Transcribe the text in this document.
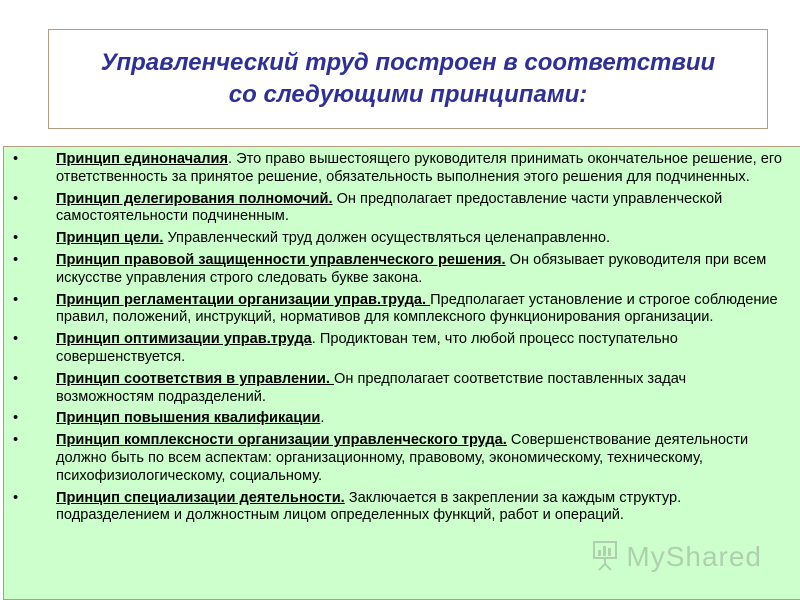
Управленческий труд построен в соответствии
со следующими принципами:
•	Принцип единоначалия. Это право вышестоящего руководителя принимать окончательное решение, его ответственность за принятое решение, обязательность выполнения этого решения для подчиненных.
•	Принцип делегирования полномочий. Он предполагает предоставление части управленческой самостоятельности подчиненным.
•	Принцип цели. Управленческий труд должен осуществляться целенаправленно.
•	Принцип правовой защищенности управленческого решения. Он обязывает руководителя при всем искусстве управления строго следовать букве закона.
•	Принцип регламентации организации управ.труда. Предполагает установление и строгое соблюдение правил, положений, инструкций, нормативов для комплексного функционирования организации.
•	Принцип оптимизации управ.труда. Продиктован тем, что любой процесс поступательно совершенствуется.
•	Принцип соответствия в управлении. Он предполагает соответствие поставленных задач возможностям подразделений.
•	Принцип повышения квалификации.
•	Принцип комплексности организации управленческого труда. Совершенствование деятельности должно быть по всем аспектам: организационному, правовому, экономическому, техническому, психофизиологическому, социальному.
•	Принцип специализации деятельности. Заключается в закреплении за каждым структур. подразделением и должностным лицом определенных функций, работ и операций.
MyShared
